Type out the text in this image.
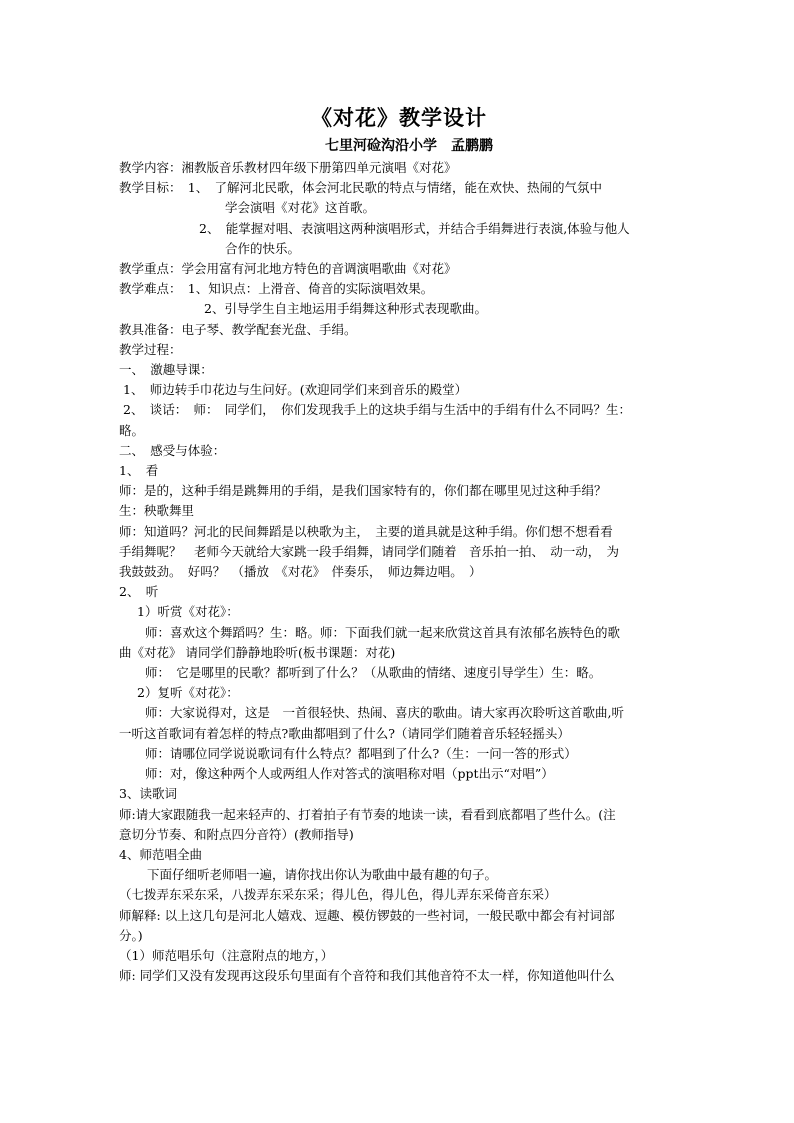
《对花》教学设计
七里河硷沟沿小学　孟鹏鹏
教学内容：湘教版音乐教材四年级下册第四单元演唱《对花》
教学目标：　1、　了解河北民歌，体会河北民歌的特点与情绪，能在欢快、热闹的气氛中
学会演唱《对花》这首歌。
2、　能掌握对唱、表演唱这两种演唱形式，并结合手绢舞进行表演,体验与他人
合作的快乐。
教学重点：学会用富有河北地方特色的音调演唱歌曲《对花》
教学难点：　1、知识点：上滑音、倚音的实际演唱效果。
2、引导学生自主地运用手绢舞这种形式表现歌曲。
教具准备：电子琴、教学配套光盘、手绢。
教学过程：
一、　激趣导课：
1、　师边转手巾花边与生问好。(欢迎同学们来到音乐的殿堂）
2、　谈话：　师：　同学们，　你们发现我手上的这块手绢与生活中的手绢有什么不同吗？生：
略。
二、　感受与体验：
1、　看
师：是的，这种手绢是跳舞用的手绢，是我们国家特有的，你们都在哪里见过这种手绢？
生：秧歌舞里
师：知道吗？河北的民间舞蹈是以秧歌为主，　主要的道具就是这种手绢。你们想不想看看
手绢舞呢？　老师今天就给大家跳一段手绢舞，请同学们随着　音乐拍一拍、　动一动，　为
我鼓鼓劲。　好吗？　（播放　《对花》　伴奏乐，　师边舞边唱。　）
2、　听
1）听赏《对花》：
师：喜欢这个舞蹈吗？生：略。师：下面我们就一起来欣赏这首具有浓郁名族特色的歌
曲《对花》 请同学们静静地聆听(板书课题：对花)
师：　它是哪里的民歌？都听到了什么？（从歌曲的情绪、速度引导学生）生：略。
2）复听《对花》：
师：大家说得对，这是　一首很轻快、热闹、喜庆的歌曲。请大家再次聆听这首歌曲,听
一听这首歌词有着怎样的特点?歌曲都唱到了什么?（请同学们随着音乐轻轻摇头）
师：请哪位同学说说歌词有什么特点？都唱到了什么?（生：一问一答的形式）
师：对，像这种两个人或两组人作对答式的演唱称对唱（ppt出示“对唱”）
3、读歌词
师:请大家跟随我一起来轻声的、打着拍子有节奏的地读一读，看看到底都唱了些什么。(注
意切分节奏、和附点四分音符）(教师指导)
4、师范唱全曲
下面仔细听老师唱一遍，请你找出你认为歌曲中最有趣的句子。
（七拨弄东采东采，八拨弄东采东采；得儿色，得儿色，得儿弄东采倚音东采）
师解释: 以上这几句是河北人嬉戏、逗趣、模仿锣鼓的一些衬词，一般民歌中都会有衬词部
分。)
（1）师范唱乐句（注意附点的地方，）
师: 同学们又没有发现再这段乐句里面有个音符和我们其他音符不太一样，你知道他叫什么
